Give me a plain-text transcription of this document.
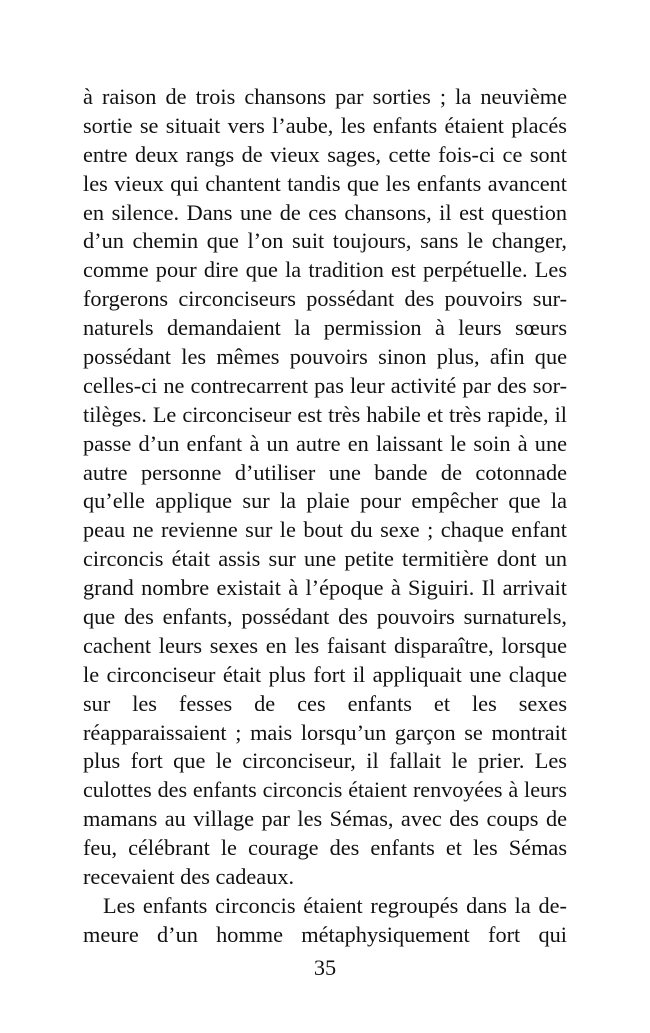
à raison de trois chansons par sorties ; la neuvième
sortie se situait vers l’aube, les enfants étaient placés
entre deux rangs de vieux sages, cette fois-ci ce sont
les vieux qui chantent tandis que les enfants avancent
en silence. Dans une de ces chansons, il est question
d’un chemin que l’on suit toujours, sans le changer,
comme pour dire que la tradition est perpétuelle. Les
forgerons circonciseurs possédant des pouvoirs sur-
naturels demandaient la permission à leurs sœurs
possédant les mêmes pouvoirs sinon plus, afin que
celles-ci ne contrecarrent pas leur activité par des sor-
tilèges. Le circonciseur est très habile et très rapide, il
passe d’un enfant à un autre en laissant le soin à une
autre personne d’utiliser une bande de cotonnade
qu’elle applique sur la plaie pour empêcher que la
peau ne revienne sur le bout du sexe ; chaque enfant
circoncis était assis sur une petite termitière dont un
grand nombre existait à l’époque à Siguiri. Il arrivait
que des enfants, possédant des pouvoirs surnaturels,
cachent leurs sexes en les faisant disparaître, lorsque
le circonciseur était plus fort il appliquait une claque
sur les fesses de ces enfants et les sexes
réapparaissaient ; mais lorsqu’un garçon se montrait
plus fort que le circonciseur, il fallait le prier. Les
culottes des enfants circoncis étaient renvoyées à leurs
mamans au village par les Sémas, avec des coups de
feu, célébrant le courage des enfants et les Sémas
recevaient des cadeaux.
Les enfants circoncis étaient regroupés dans la de-
meure d’un homme métaphysiquement fort qui
35
